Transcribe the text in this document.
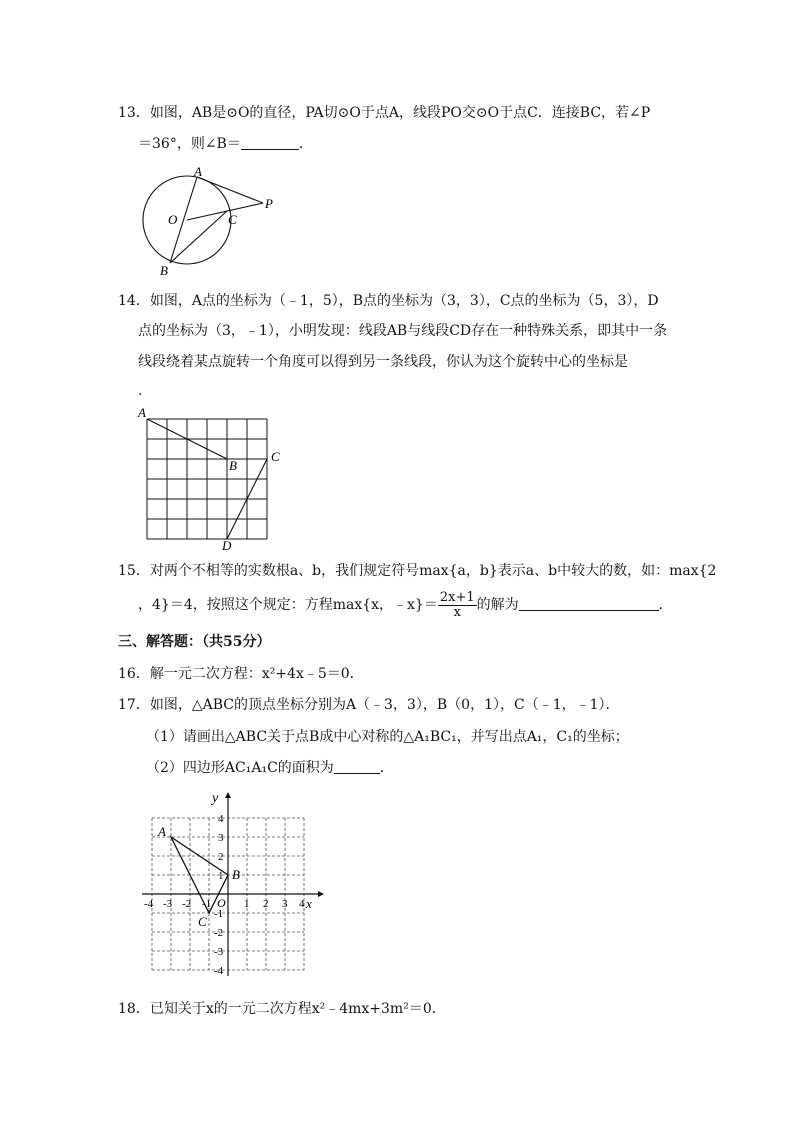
13．如图，AB是⊙O的直径，PA切⊙O于点A，线段PO交⊙O于点C．连接BC，若∠P
＝36°，则∠B＝	．
A
O	C
P
B
14．如图，A点的坐标为（﹣1，5），B点的坐标为（3，3），C点的坐标为（5，3），D
点的坐标为（3，﹣1），小明发现：线段AB与线段CD存在一种特殊关系，即其中一条
线段绕着某点旋转一个角度可以得到另一条线段，你认为这个旋转中心的坐标是
.
A
B
C
D
15．对两个不相等的实数根a、b，我们规定符号max{a，b}表示a、b中较大的数，如：max{2
，4}＝4，按照这个规定：方程max{x，﹣x}＝ $\frac{2x+1}{x}$ 的解为	．
三、解答题：（共55分）
16．解一元二次方程：x²+4x﹣5＝0．
17．如图，△ABC的顶点坐标分别为A（﹣3，3），B（0，1），C（﹣1，﹣1）．
（1）请画出△ABC关于点B成中心对称的△A₁BC₁，并写出点A₁，C₁的坐标；
（2）四边形AC₁A₁C的面积为	．
y
x
O
-4 -3 -2 -1	1 2 3 4
4
3
2
1
-1
-2
-3
-4
A
B
C
18．已知关于x的一元二次方程x²﹣4mx+3m²＝0．
